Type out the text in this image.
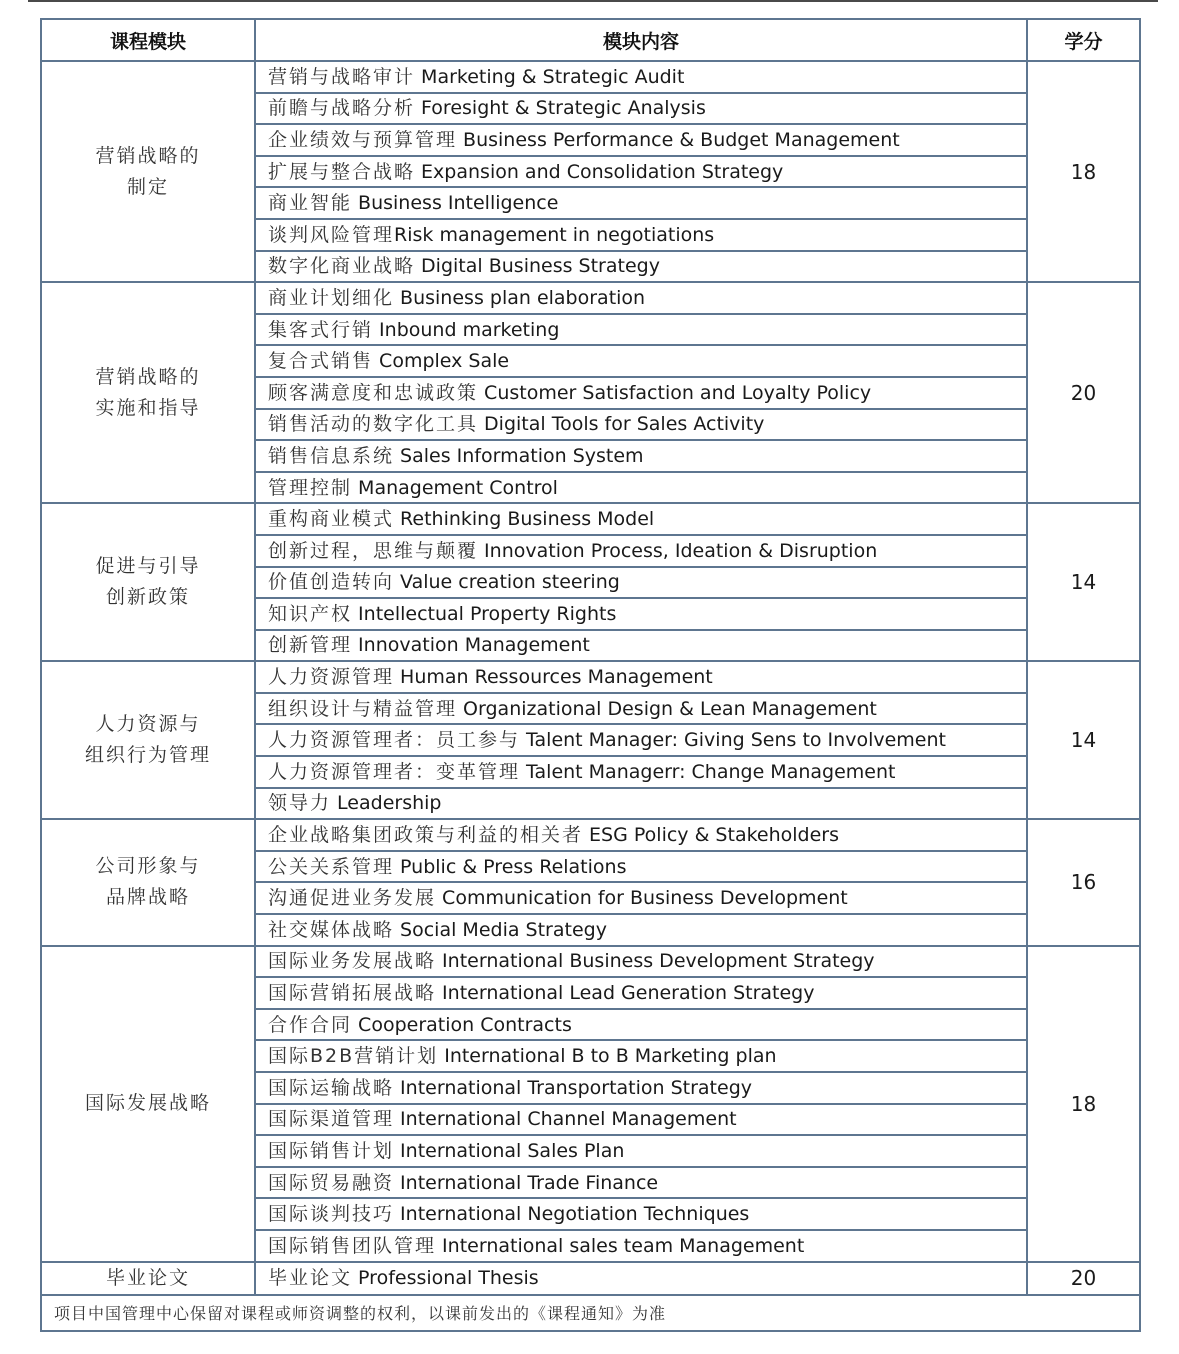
课程模块	模块内容	学分

营销战略的
制定	营销与战略审计 Marketing & Strategic Audit	18
	前瞻与战略分析 Foresight & Strategic Analysis	
	企业绩效与预算管理 Business Performance & Budget Management	
	扩展与整合战略 Expansion and Consolidation Strategy	
	商业智能 Business Intelligence	
	谈判风险管理Risk management in negotiations	
	数字化商业战略 Digital Business Strategy	

营销战略的
实施和指导	商业计划细化 Business plan elaboration	20
	集客式行销 Inbound marketing	
	复合式销售 Complex Sale	
	顾客满意度和忠诚政策 Customer Satisfaction and Loyalty Policy	
	销售活动的数字化工具 Digital Tools for Sales Activity	
	销售信息系统 Sales Information System	
	管理控制 Management Control	

促进与引导
创新政策	重构商业模式 Rethinking Business Model	14
	创新过程，思维与颠覆 Innovation Process, Ideation & Disruption	
	价值创造转向 Value creation steering	
	知识产权 Intellectual Property Rights	
	创新管理 Innovation Management	

人力资源与
组织行为管理	人力资源管理 Human Ressources Management	14
	组织设计与精益管理 Organizational Design & Lean Management	
	人力资源管理者：员工参与 Talent Manager: Giving Sens to Involvement	
	人力资源管理者：变革管理 Talent Managerr: Change Management	
	领导力 Leadership	

公司形象与
品牌战略	企业战略集团政策与利益的相关者 ESG Policy & Stakeholders	16
	公关关系管理 Public & Press Relations	
	沟通促进业务发展 Communication for Business Development	
	社交媒体战略 Social Media Strategy	

国际发展战略	国际业务发展战略 International Business Development Strategy	18
	国际营销拓展战略 International Lead Generation Strategy	
	合作合同 Cooperation Contracts	
	国际B2B营销计划 International B to B Marketing plan	
	国际运输战略 International Transportation Strategy	
	国际渠道管理 International Channel Management	
	国际销售计划 International Sales Plan	
	国际贸易融资 International Trade Finance	
	国际谈判技巧 International Negotiation Techniques	
	国际销售团队管理 International sales team Management	

毕业论文	毕业论文 Professional Thesis	20
项目中国管理中心保留对课程或师资调整的权利，以课前发出的《课程通知》为准		
